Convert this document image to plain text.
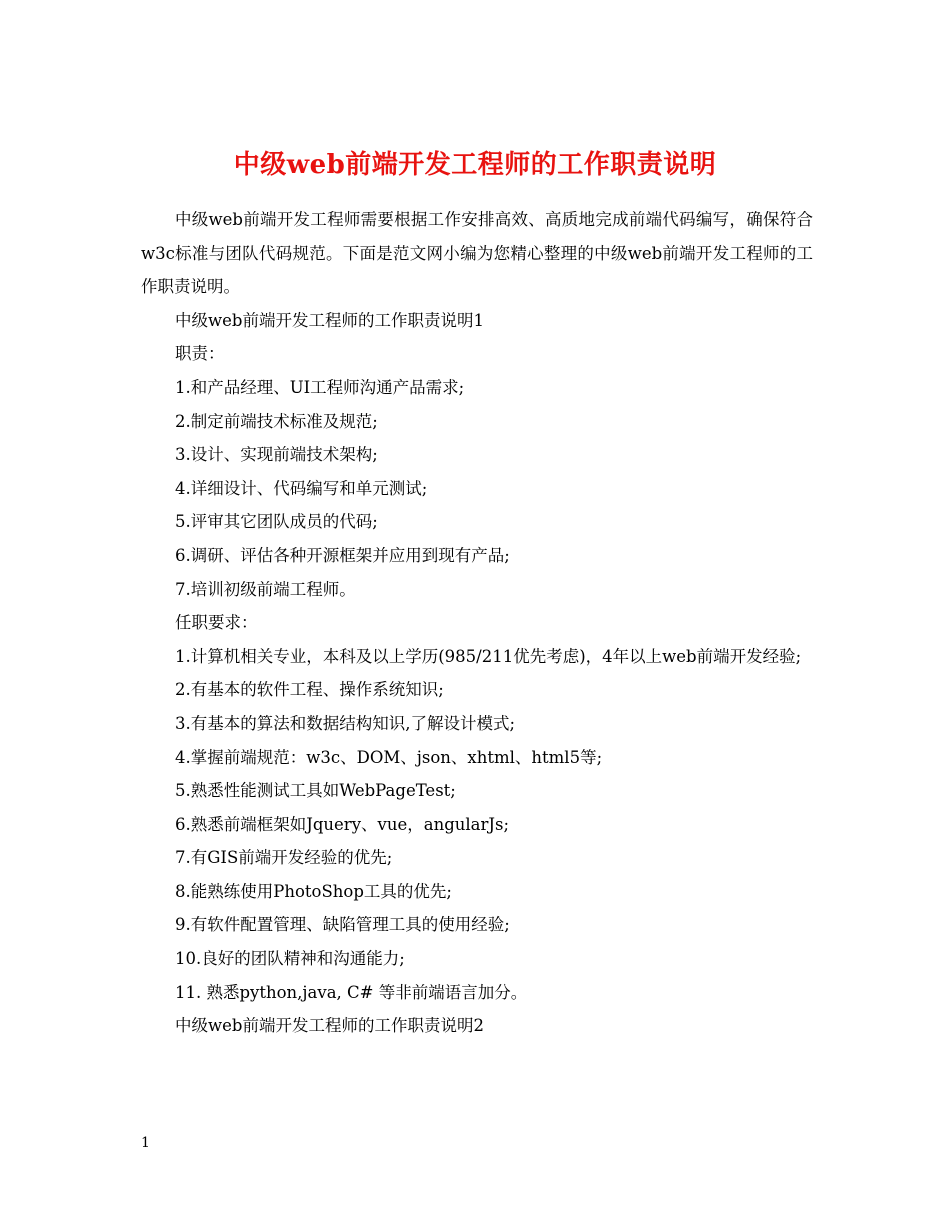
中级web前端开发工程师的工作职责说明

中级web前端开发工程师需要根据工作安排高效、高质地完成前端代码编写，确保符合w3c标准与团队代码规范。下面是范文网小编为您精心整理的中级web前端开发工程师的工作职责说明。

中级web前端开发工程师的工作职责说明1

职责：

1.和产品经理、UI工程师沟通产品需求;

2.制定前端技术标准及规范;

3.设计、实现前端技术架构;

4.详细设计、代码编写和单元测试;

5.评审其它团队成员的代码;

6.调研、评估各种开源框架并应用到现有产品;

7.培训初级前端工程师。

任职要求：

1.计算机相关专业，本科及以上学历(985/211优先考虑)，4年以上web前端开发经验;

2.有基本的软件工程、操作系统知识;

3.有基本的算法和数据结构知识,了解设计模式;

4.掌握前端规范：w3c、DOM、json、xhtml、html5等;

5.熟悉性能测试工具如WebPageTest;

6.熟悉前端框架如Jquery、vue，angularJs;

7.有GIS前端开发经验的优先;

8.能熟练使用PhotoShop工具的优先;

9.有软件配置管理、缺陷管理工具的使用经验;

10.良好的团队精神和沟通能力;

11. 熟悉python,java, C# 等非前端语言加分。

中级web前端开发工程师的工作职责说明2

1
